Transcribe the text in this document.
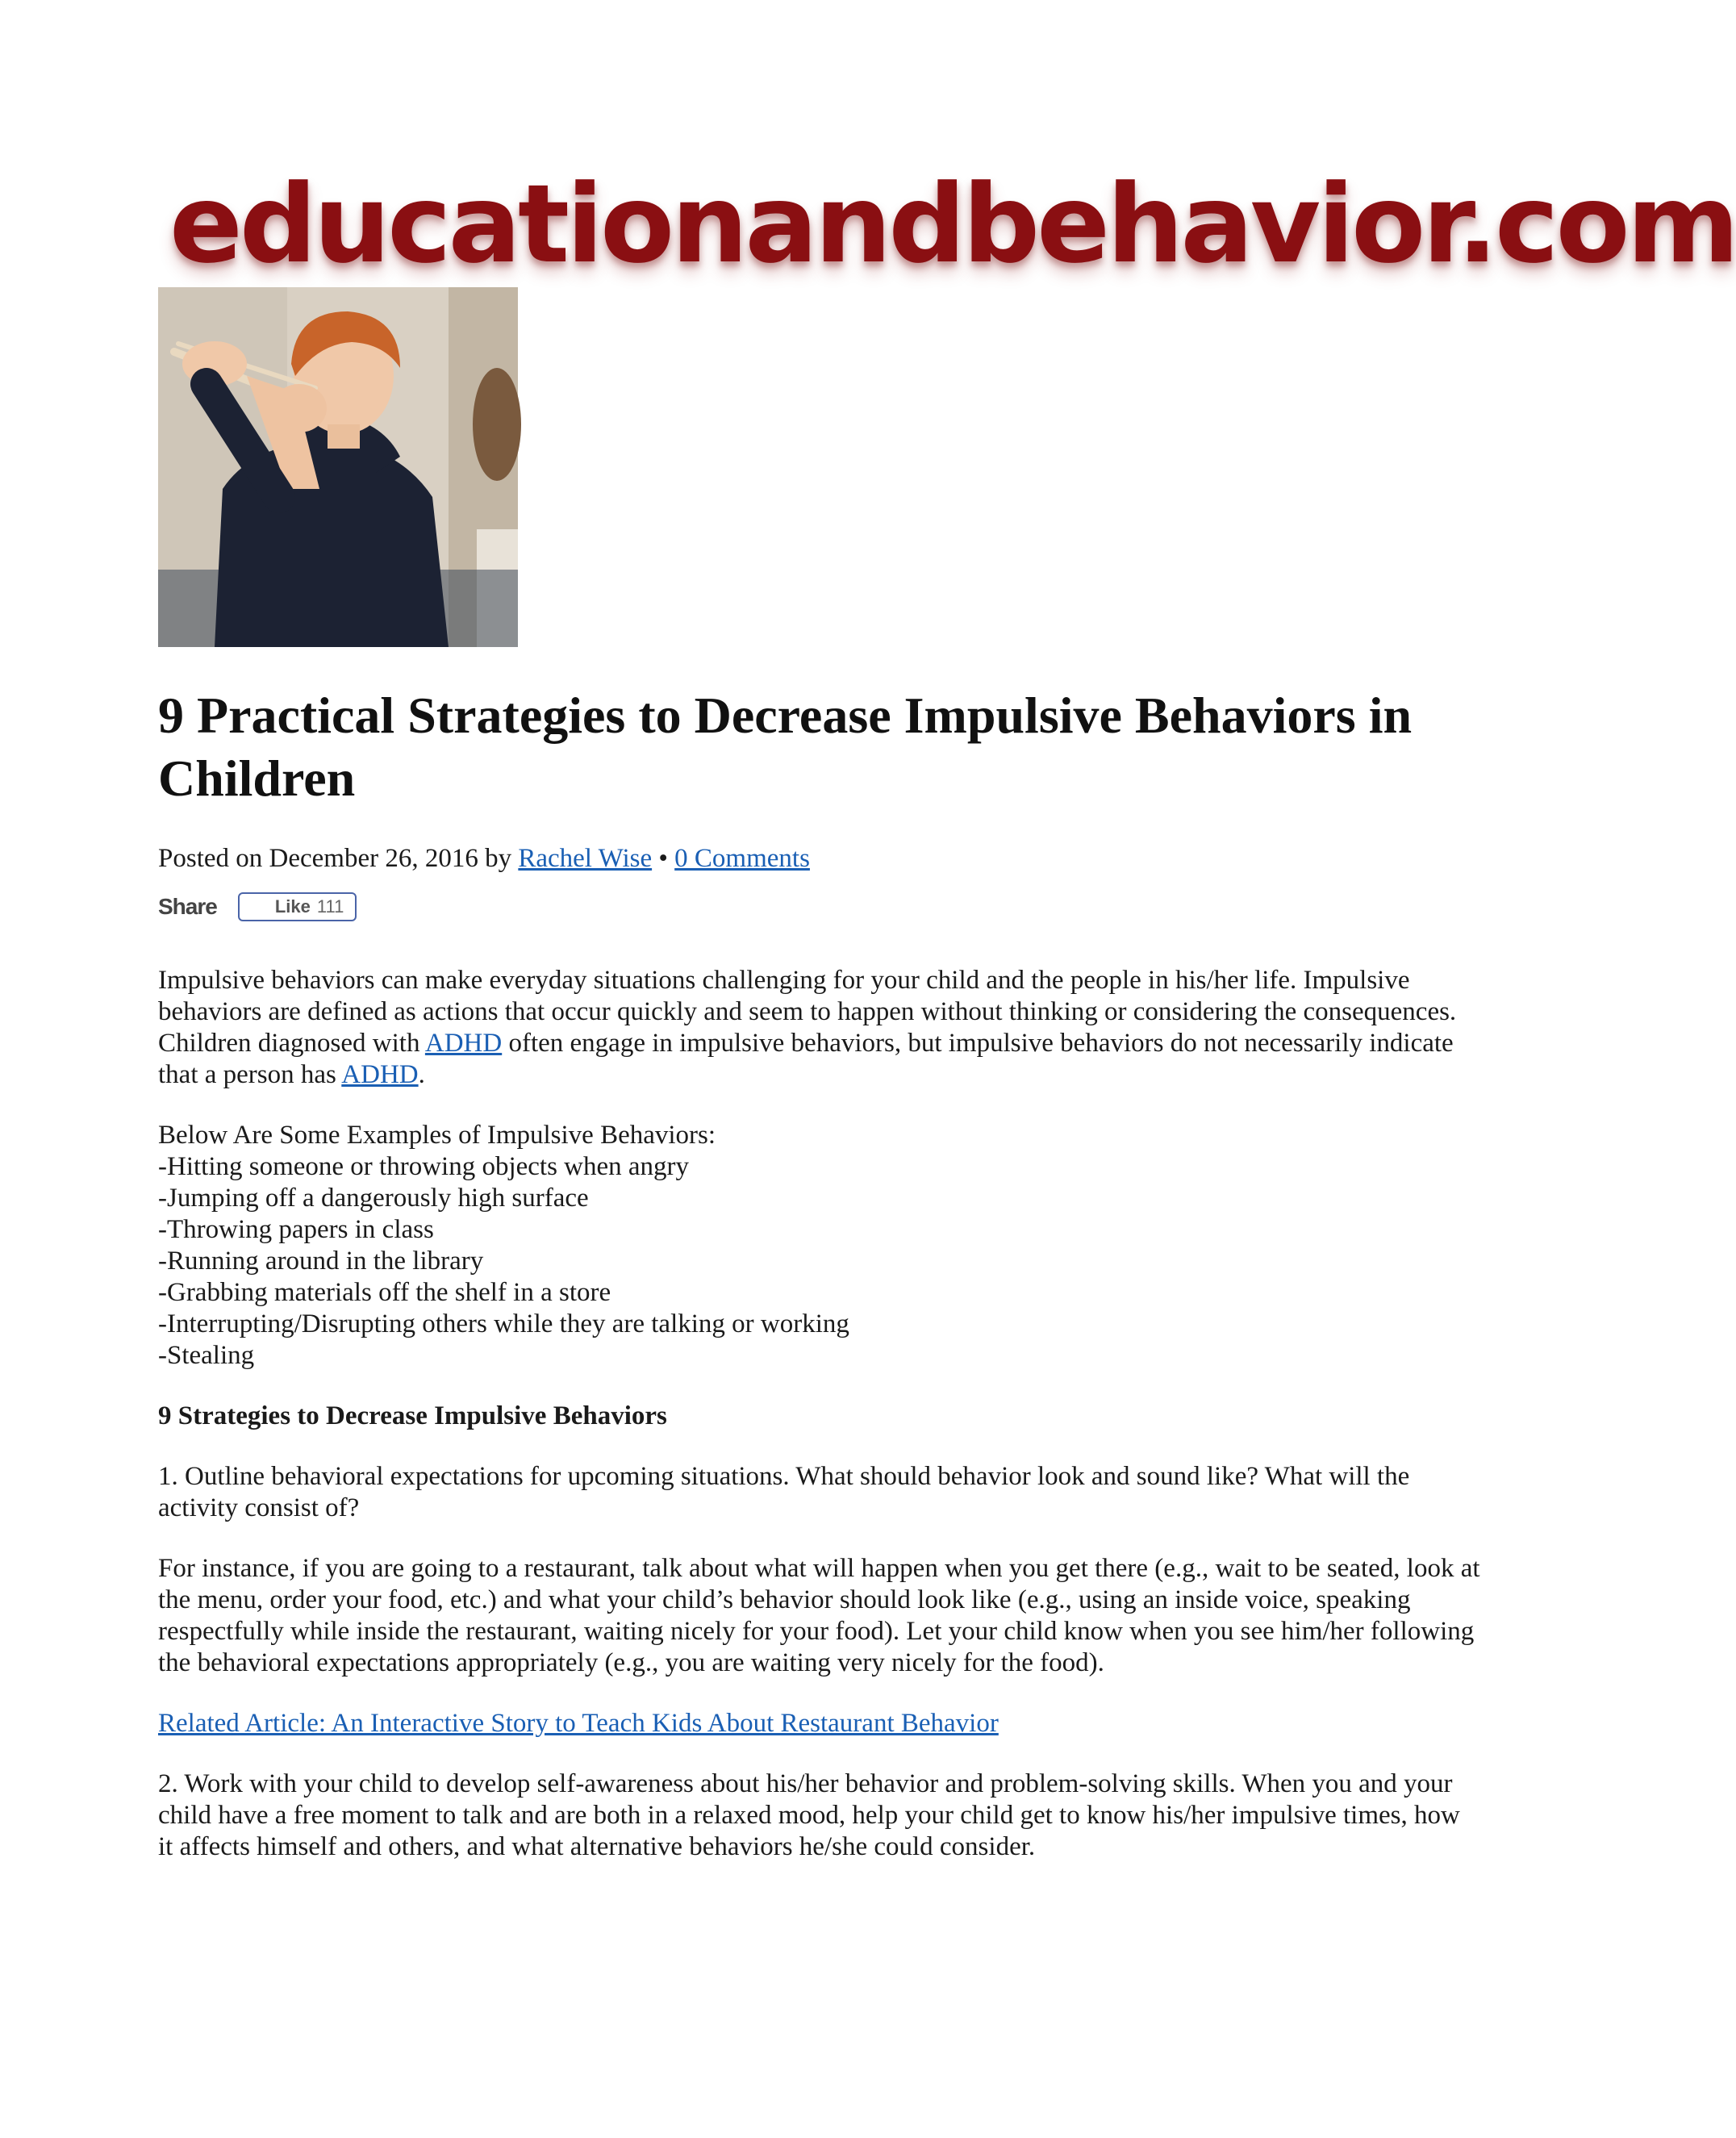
educationandbehavior.com
9 Practical Strategies to Decrease Impulsive Behaviors in Children
Posted on December 26, 2016 by Rachel Wise • 0 Comments
Share	Like 111

Impulsive behaviors can make everyday situations challenging for your child and the people in his/her life. Impulsive behaviors are defined as actions that occur quickly and seem to happen without thinking or considering the consequences. Children diagnosed with ADHD often engage in impulsive behaviors, but impulsive behaviors do not necessarily indicate that a person has ADHD.

Below Are Some Examples of Impulsive Behaviors:
-Hitting someone or throwing objects when angry
-Jumping off a dangerously high surface
-Throwing papers in class
-Running around in the library
-Grabbing materials off the shelf in a store
-Interrupting/Disrupting others while they are talking or working
-Stealing

9 Strategies to Decrease Impulsive Behaviors

1. Outline behavioral expectations for upcoming situations. What should behavior look and sound like? What will the activity consist of?

For instance, if you are going to a restaurant, talk about what will happen when you get there (e.g., wait to be seated, look at the menu, order your food, etc.) and what your child’s behavior should look like (e.g., using an inside voice, speaking respectfully while inside the restaurant, waiting nicely for your food). Let your child know when you see him/her following the behavioral expectations appropriately (e.g., you are waiting very nicely for the food).

Related Article: An Interactive Story to Teach Kids About Restaurant Behavior

2. Work with your child to develop self-awareness about his/her behavior and problem-solving skills. When you and your child have a free moment to talk and are both in a relaxed mood, help your child get to know his/her impulsive times, how it affects himself and others, and what alternative behaviors he/she could consider.
